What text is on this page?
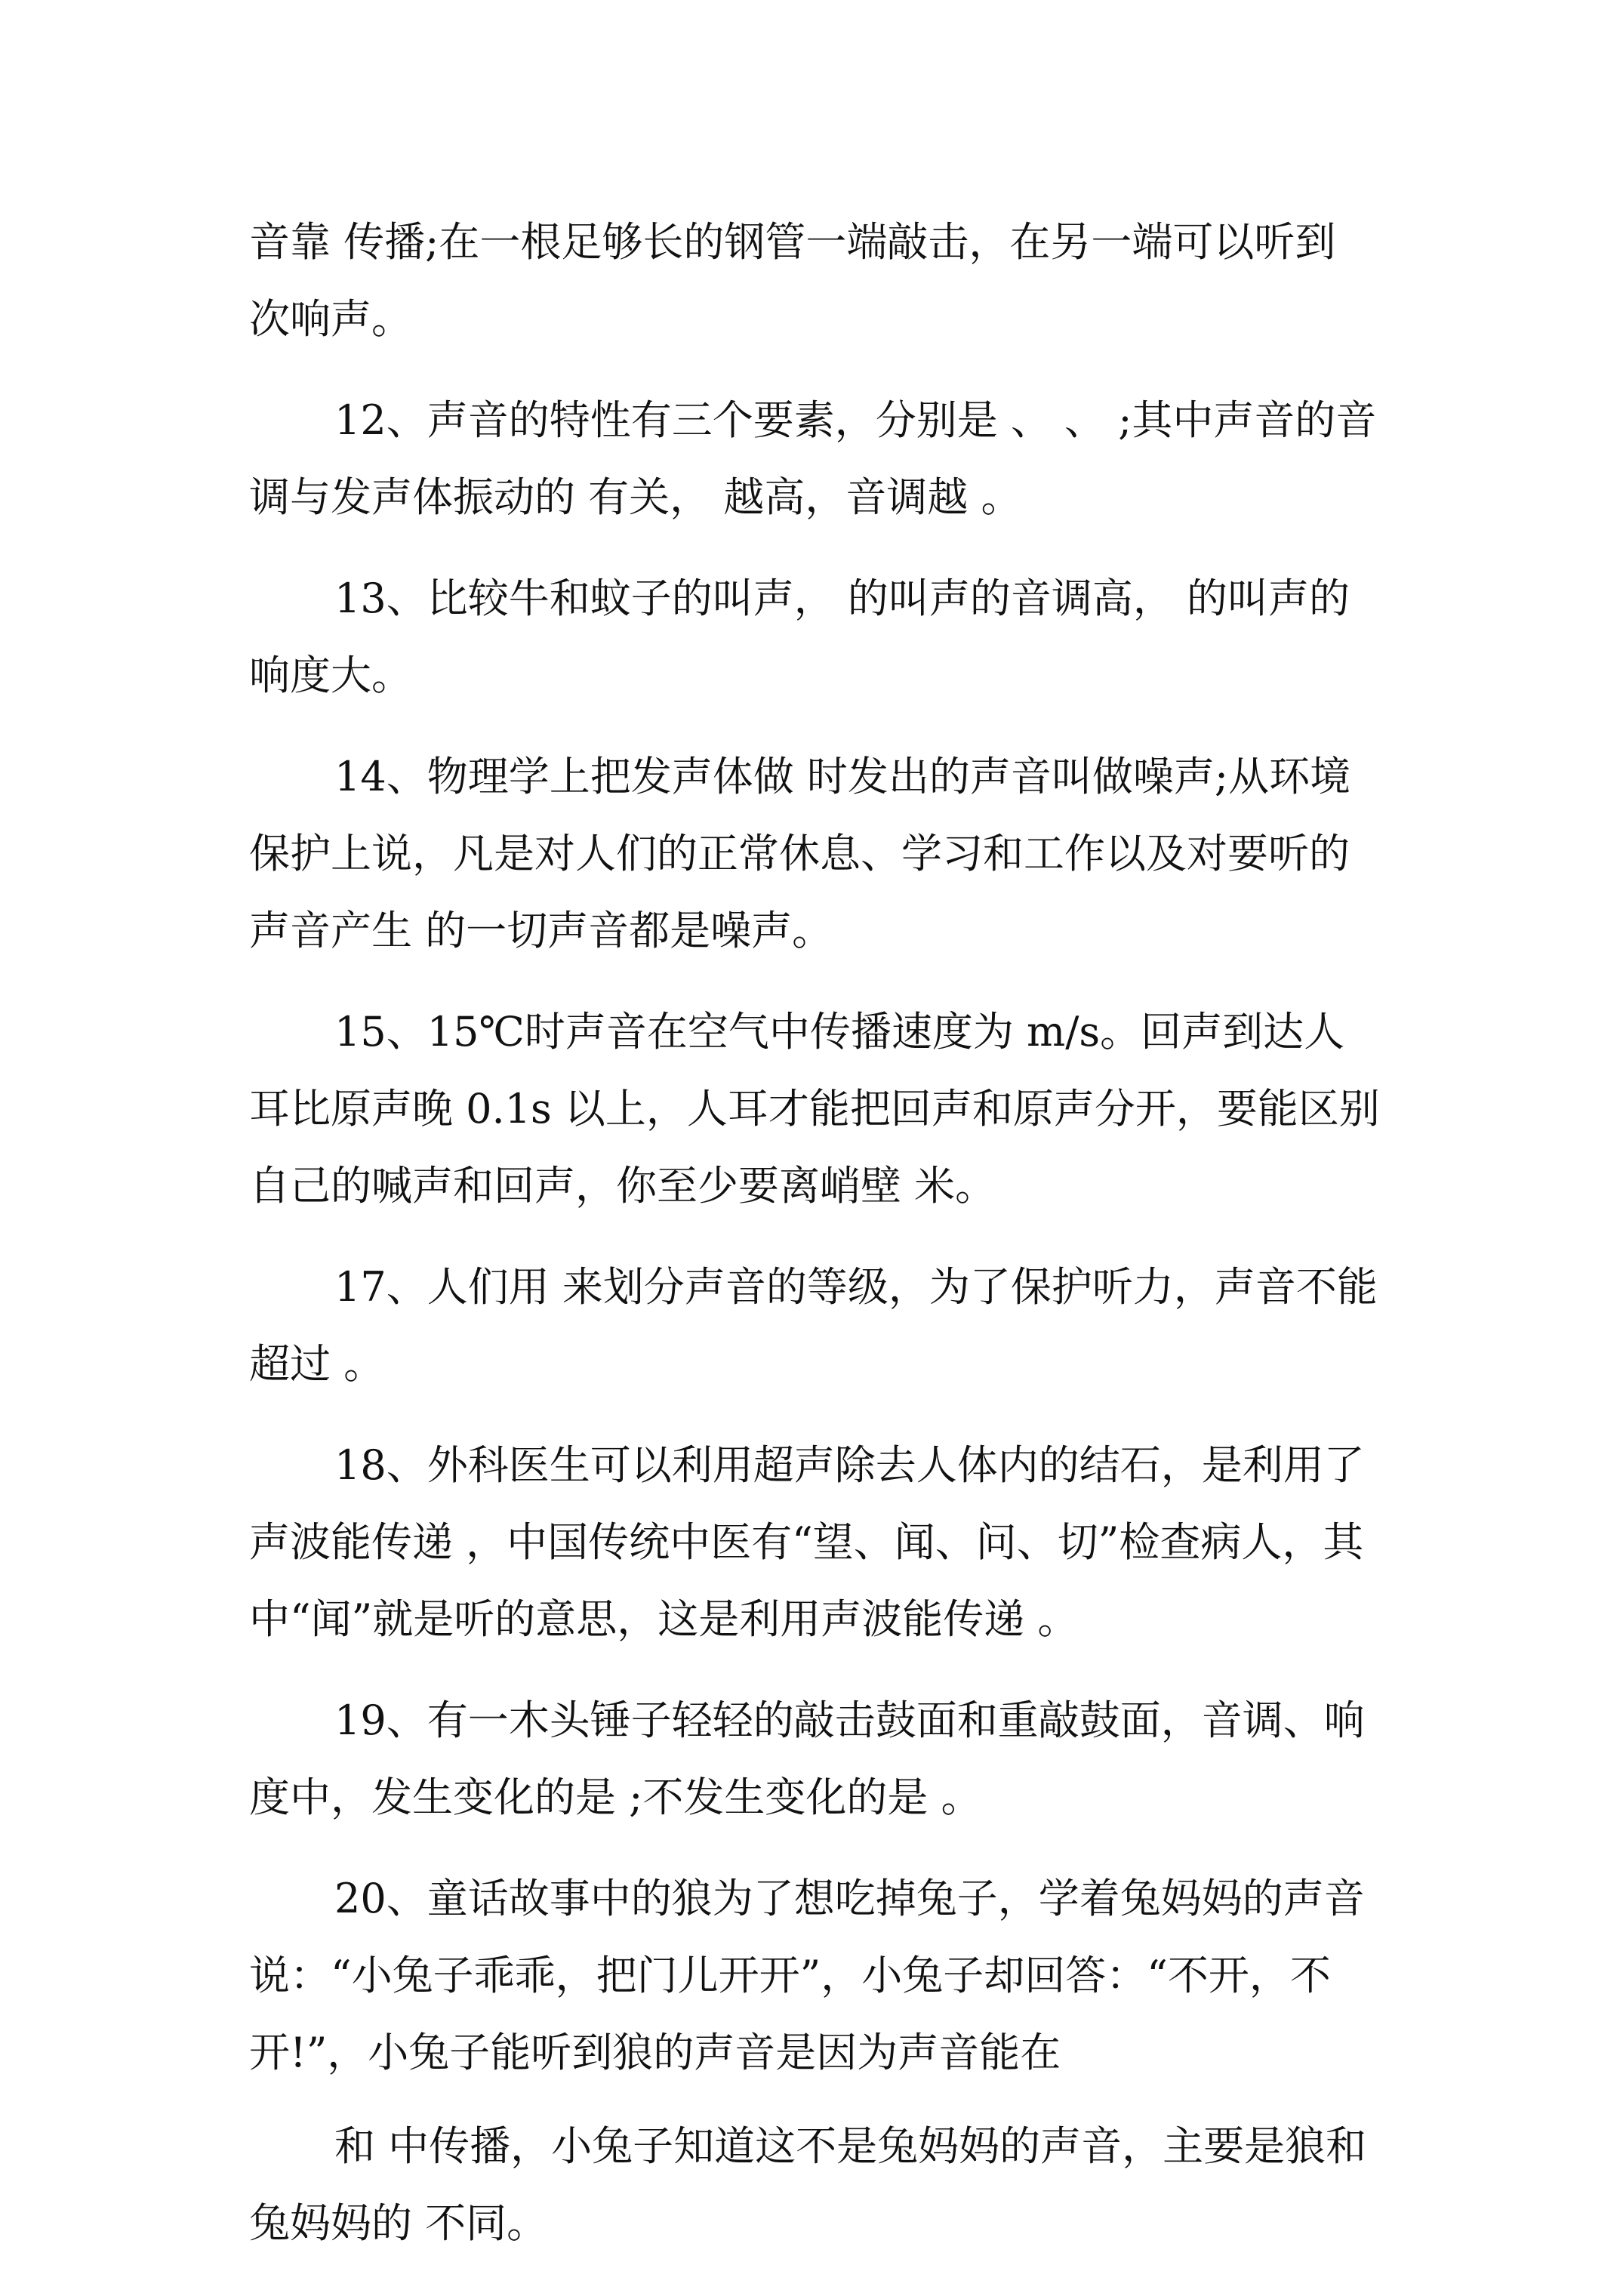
音靠 传播;在一根足够长的钢管一端敲击，在另一端可以听到 次响声。

12、声音的特性有三个要素，分别是 、 、 ;其中声音的音调与发声体振动的 有关， 越高，音调越 。

13、比较牛和蚊子的叫声， 的叫声的音调高， 的叫声的响度大。

14、物理学上把发声体做 时发出的声音叫做噪声;从环境保护上说，凡是对人们的正常休息、学习和工作以及对要听的声音产生 的一切声音都是噪声。

15、15℃时声音在空气中传播速度为 m/s。回声到达人耳比原声晚 0.1s 以上，人耳才能把回声和原声分开，要能区别自己的喊声和回声，你至少要离峭壁 米。

17、人们用 来划分声音的等级，为了保护听力，声音不能超过 。

18、外科医生可以利用超声除去人体内的结石，是利用了声波能传递 ，中国传统中医有“望、闻、问、切”检查病人，其中“闻”就是听的意思，这是利用声波能传递 。

19、有一木头锤子轻轻的敲击鼓面和重敲鼓面，音调、响度中，发生变化的是 ;不发生变化的是 。

20、童话故事中的狼为了想吃掉兔子，学着兔妈妈的声音说：“小兔子乖乖，把门儿开开”，小兔子却回答：“不开，不开!”，小兔子能听到狼的声音是因为声音能在

和 中传播，小兔子知道这不是兔妈妈的声音，主要是狼和兔妈妈的 不同。
